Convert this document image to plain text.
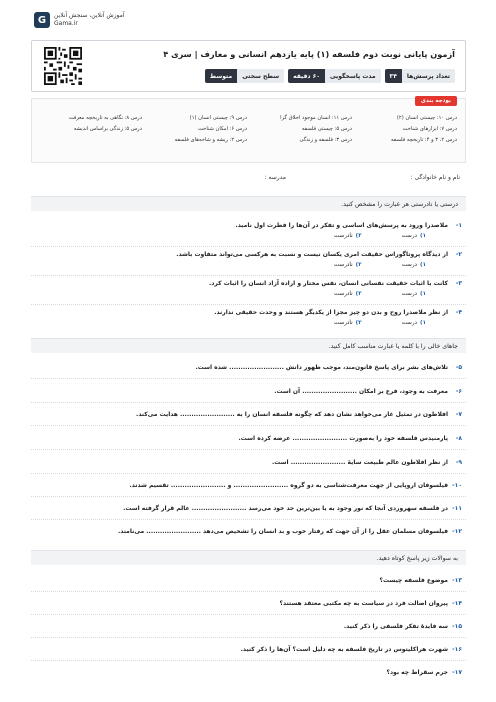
G	آموزش آنلاین، سنجش آنلاین
Gama.ir
آزمون پایانی نوبت دوم فلسفه (۱) پایه یازدهم انسانی و معارف | سری ۴
تعداد پرسش‌ها
۳۴
مدت پاسخگویی
۶۰ دقیقه
سطح سختی
متوسط
بودجه بندی
درس ۱۰: چیستی انسان (۲)
درس ۱۱: انسان موجود اخلاق گرا
درس ۹: چیستی انسان (۱)
درس ۸: نگاهی به تاریخچه معرفت
درس ۷: ابزارهای شناخت
درس ۵: چیستی فلسفه
درس ۶: امکان شناخت
درس ۵: زندگی براساس اندیشه
درس ۲، ۳ و ۴: تاریخچه فلسفه
درس ۳: فلسفه و زندگی
درس ۲: ریشه و شاخه‌های فلسفه
نام و نام خانوادگی :
مدرسه :
درستی یا نادرستی هر عبارت را مشخص کنید.
۱-
ملاصدرا ورود به پرسش‌های اساسی و تفکر در آن‌ها را فطرت اول نامید.
۱)درست
۲)نادرست
۲-
از دیدگاه پروتاگوراس حقیقت امری یکسان نیست و نسبت به هرکسی می‌تواند متفاوت باشد.
۱)درست
۲)نادرست
۳-
کانت با اثبات حقیقت نفسانی انسان، نفس مختار و اراده آزاد انسان را اثبات کرد.
۱)درست
۲)نادرست
۴-
از نظر ملاصدرا روح و بدن دو چیز مجزا از یکدیگر هستند و وحدت حقیقی ندارند.
۱)درست
۲)نادرست
جاهای خالی را با کلمه یا عبارت مناسب کامل کنید.
۵-
تلاش‌های بشر برای پاسخ قانون‌مند، موجب ظهور دانش ........................ شده است.
۶-
معرفت به وجود، فرع بر امکان ........................ آن است.
۷-
افلاطون در تمثیل غار می‌خواهد نشان دهد که چگونه فلسفه انسان را به ........................ هدایت می‌کند.
۸-
پارمنیدس فلسفه خود را به‌صورت ........................ عرضه کرده است.
۹-
از نظر افلاطون عالم طبیعت سایهٔ ........................ است.
۱۰-
فیلسوفان اروپایی از جهت معرفت‌شناسی به دو گروه ........................ و ........................ تقسیم شدند.
۱۱-
در فلسفه سهروردی آنجا که نور وجود به یا بین‌ترین حد خود می‌رسد ........................ عالم قرار گرفته است.
۱۲-
فیلسوفان مسلمان عقل را از آن جهت که رفتار خوب و بد انسان را تشخیص می‌دهد ........................ می‌نامند.
به سوالات زیر پاسخ کوتاه دهید.
۱۳-
موضوع فلسفه چیست؟
۱۴-
پیروان اصالت فرد در سیاست به چه مکتبی معتقد هستند؟
۱۵-
سه فایدهٔ تفکر فلسفی را ذکر کنید.
۱۶-
شهرت هراکلیتوس در تاریخ فلسفه به چه دلیل است؟ آن‌ها را ذکر کنید.
۱۷-
جرم سقراط چه بود؟
